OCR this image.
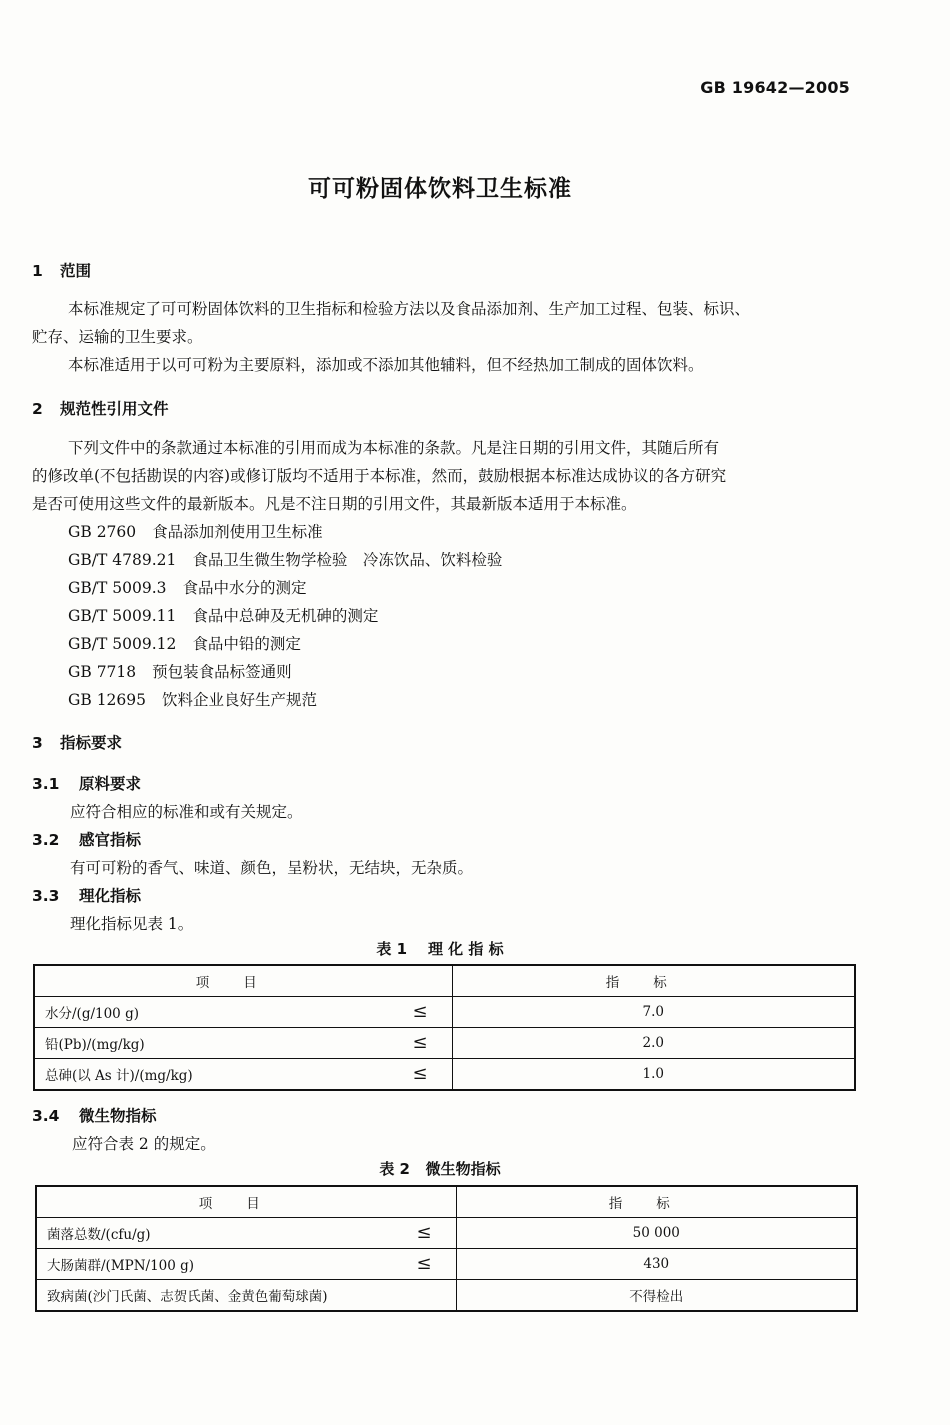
GB 19642—2005
可可粉固体饮料卫生标准
1 范围
本标准规定了可可粉固体饮料的卫生指标和检验方法以及食品添加剂、生产加工过程、包装、标识、
贮存、运输的卫生要求。
本标准适用于以可可粉为主要原料，添加或不添加其他辅料，但不经热加工制成的固体饮料。
2 规范性引用文件
下列文件中的条款通过本标准的引用而成为本标准的条款。凡是注日期的引用文件，其随后所有
的修改单(不包括勘误的内容)或修订版均不适用于本标准，然而，鼓励根据本标准达成协议的各方研究
是否可使用这些文件的最新版本。凡是不注日期的引用文件，其最新版本适用于本标准。
GB 2760 食品添加剂使用卫生标准
GB/T 4789.21 食品卫生微生物学检验　冷冻饮品、饮料检验
GB/T 5009.3 食品中水分的测定
GB/T 5009.11 食品中总砷及无机砷的测定
GB/T 5009.12 食品中铅的测定
GB 7718 预包装食品标签通则
GB 12695 饮料企业良好生产规范
3 指标要求
3.1 原料要求
应符合相应的标准和或有关规定。
3.2 感官指标
有可可粉的香气、味道、颜色，呈粉状，无结块，无杂质。
3.3 理化指标
理化指标见表 1。
表 1 理 化 指 标
项目	指标
水分/(g/100 g) ≤	7.0
铅(Pb)/(mg/kg) ≤	2.0
总砷(以 As 计)/(mg/kg) ≤	1.0
3.4 微生物指标
应符合表 2 的规定。
表 2 微生物指标
项目	指标
菌落总数/(cfu/g) ≤	50 000
大肠菌群/(MPN/100 g) ≤	430
致病菌(沙门氏菌、志贺氏菌、金黄色葡萄球菌)	不得检出
